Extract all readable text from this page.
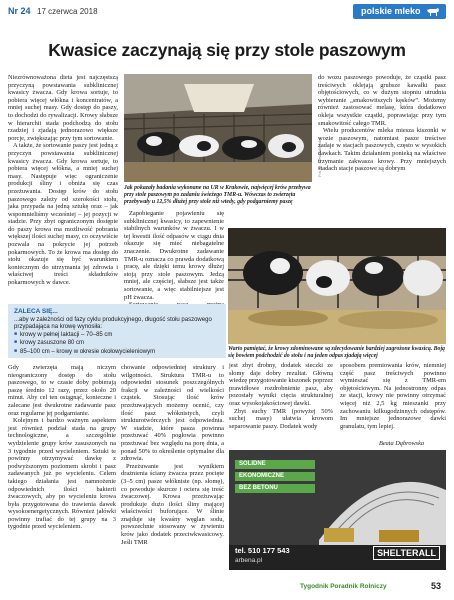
Nr 24 17 czerwca 2018	polskie mleko
Kwasice zaczynają się przy stole paszowym

Niezrównoważona dieta jest najczęstszą przyczyną powstawania subklinicznej kwasicy żwacza. Gdy krowa sortuje, to pobiera więcej włókna i koncentratów, a mniej suchej masy. Gdy dostęp do paszy, to dochodzi do rywalizacji. Krowy słabsze w hierarchii stada podchodzą do stołu rzadziej i zjadają jednorazowo większe porcje, zwiększając przy tym sortowanie.

A także, że sortowanie paszy jest jedną z przyczyn powstawania subklinicznej kwasicy żwacza. Gdy krowa sortuje, to pobiera więcej włókna, a mniej suchej masy. Następuje więc ograniczenie produkcji śliny i obniża się czas przeżuwania. Dostęp krów do stołu paszowego zależy od szerokości stołu, jaka przypada na jedną sztukę oraz – jak wspomnieliśmy wcześniej – jej pozycji w stadzie. Przy zbyt ograniczonym dostępie do paszy krowa ma możliwość pobrania większej ilości suchej masy, co oczywiście pozwala na pokrycie jej potrzeb pokarmowych. To że krowa ma dostęp do stołu okazuje się być warunkiem koniecznym do utrzymania jej zdrowia i właściwej treści składników pokarmowych w dawce.

Fot. M. Niewiadomska
Jak pokazały badania wykonane na UR w Krakowie, najwięcej krów przebywa przy stole paszowym po zadaniu świeżego TMR-u. Wówczas to zwierzęta przebywały u 12,5% dłużej przy stole niż wtedy, gdy podgarniemy paszę

Zapobieganie pojawieniu się subklinicznej kwasicy, to zapewnienie stabilnych warunków w żwaczu. I w tej kwestii ilość odpasów w ciągu dnia okazuje się mieć niebagatelne znaczenie. Dwukrotne zadawanie TMR-u oznacza co prawda dodatkową pracę, ale dzięki temu krowy dłużej stoją przy stole paszowym. Jedzą mniej, ale częściej, słabsze jest także sortowanie, a więc stabilniejsze jest pH żwacza.

do wozu paszowego powoduje, że cząstki pasz treściwych oklejają grubsze kawałki pasz objętościowych, co w dużym stopniu utrudnia wybieranie „smakowitszych kęsków”. Możemy również zastosować melasę, która dodatkowo okleja wszystkie cząstki, poprawiając przy tym smakowitość całego TMR.

Wielu producentów mleka miesza kiszonki w wozie paszowym, natomiast pasze treściwe zadaje w stacjach paszowych, często w wysokich dawkach. Takim działaniem ponieką na właściwe trzymanie zakwasza krowy. Przy mniejszych stadach stacje paszowe są dobrym

Warto pamiętać, że krowy zdominowane są zdecydowanie bardziej zagrożone kwasicą. Boją się bowiem podchodzić do stołu i na jeden odpas zjadają więcej
ZALECA SIĘ...
...aby w zależności od fazy cyklu produkcyjnego, długość stołu paszowego przypadająca na krowę wynosiła:
■ krowy w pełnej laktacji – 70–85 cm
■ krowy zasuszone 80 cm
■ 85–100 cm – krowy w okresie okołowycieleniowym

Gdy zwierzęta mają niczym nieograniczony dostęp do stołu paszowego, to w czasie doby pobierają paszę średnio 12 razy, przez około 20 minut. Aby cel ten osiągnąć, konieczne i zalecane jest dwukrotne zadawanie pasz oraz regularne jej podgarnianie.

Kolejnym i bardzo ważnym aspektem jest również podział stada na grupy technologiczne, a szczególnie wydzielenie grupy krów zasuszonych na 3 tygodnie przed wycieleniem. Sztuki te powinny otrzymywać dawkę z podwyższonym poziomem skrobi i pasz zadawanych już po wycieleniu. Celem takiego działania jest namnożenie odpowiednich ilości bakterii żwaczowych, aby po wycieleniu krowa była przygotowana do trawienia dawek wysokoenergetycznych. Również jałówki powinny trafiać do tej grupy na 3 tygodnie przed wycieleniem.

chowanie odpowiedniej struktury i wilgotności. Struktura TMR-u to odpowiedni stosunek poszczególnych frakcji w zależności od wielkości cząstek. Stosując ilość krów przeżuwających możemy ocenić, czy ilość pasz włóknistych, czyli strukturotwórczych jest odpowiednia. W stadzie, które pasza powinna przeżuwać 40% pogłowia powinno przeżuwać bez względu na porę dnia, a ponad 50% to określenie optymalne dla zdrowia.

Przeżuwanie jest wynikiem drażnienia ściany żwacza przez pocięte (3–5 cm) pasze włókniste (np. słomę), co powoduje skurcze i ociera się treść żwaczowej. Krowa przeżuwając produkuje dużo ilości śliny mającej właściwości buforujące. W ślinie znajduje się kwaśny węglan sodu, powszechnie stosowany w żywieniu krów jako dodatek przeciwkwasicowy. Jeśli TMR

jest zbyt drobny, dodatek sieczki ze słomy daje dobry rezultat. Główną wiedzę przygotowanie kiszonek poprzez prawidłowe rozdrobnienie pasz, aby pozostały wyniki cięcia strukturalnej oraz wysokojakościowej dawki.

Zbyt suchy TMR (powyżej 50% suchej masy) ułatwia krowom separowanie paszy. Dodatek wody

sposobem premiowania krów, niemniej część pasz treściwych powinno wymieszać się z TMR-em objętościowym. Na jednostronny odpas ze stacji, krowy nie powinny otrzymać więcej niż 2,5 kg mieszanki przy zachowaniu kilkugodzinnych odstępów. Im mniejsze jednorazowe dawki granulatu, tym lepiej.

Beata Dąbrowska
SOLIDNE
EKONOMICZNE
BEZ BETONU
tel. 510 177 543
arbena.pl
SHELTERALL
Tygodnik Poradnik Rolniczy	53
